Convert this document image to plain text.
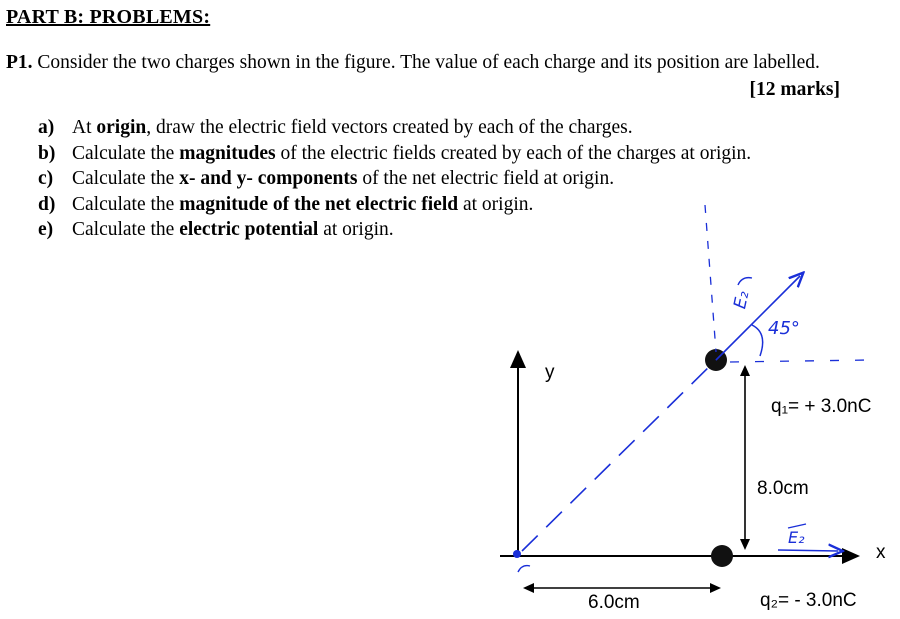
PART B: PROBLEMS:
P1. Consider the two charges shown in the figure. The value of each charge and its position are labelled.
[12 marks]
a) At origin, draw the electric field vectors created by each of the charges.
b) Calculate the magnitudes of the electric fields created by each of the charges at origin.
c) Calculate the x- and y- components of the net electric field at origin.
d) Calculate the magnitude of the net electric field at origin.
e) Calculate the electric potential at origin.
y
x
q₁= + 3.0nC
q₂= - 3.0nC
8.0cm
6.0cm
E₂
45°
E₂
